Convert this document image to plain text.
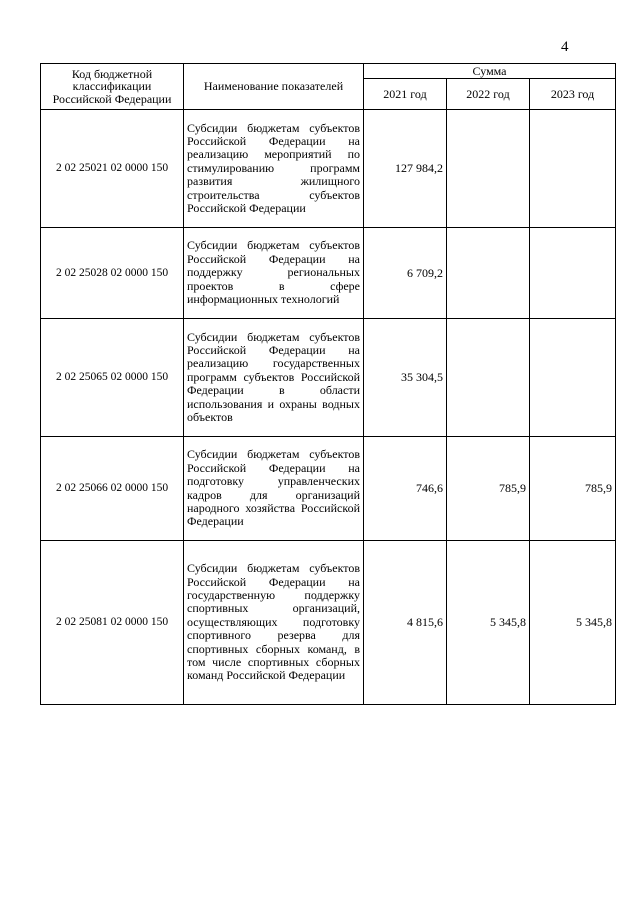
4
Код бюджетной классификации Российской Федерации	Наименование показателей	Сумма		
		2021 год	2022 год	2023 год
2 02 25021 02 0000 150	Субсидии бюджетам субъектов Российской Федерации на реализацию мероприятий по стимулированию программ развития жилищного строительства субъектов Российской Федерации	127 984,2		
2 02 25028 02 0000 150	Субсидии бюджетам субъектов Российской Федерации на поддержку региональных проектов в сфере информационных технологий	6 709,2		
2 02 25065 02 0000 150	Субсидии бюджетам субъектов Российской Федерации на реализацию государственных программ субъектов Российской Федерации в области использования и охраны водных объектов	35 304,5		
2 02 25066 02 0000 150	Субсидии бюджетам субъектов Российской Федерации на подготовку управленческих кадров для организаций народного хозяйства Российской Федерации	746,6	785,9	785,9
2 02 25081 02 0000 150	Субсидии бюджетам субъектов Российской Федерации на государственную поддержку спортивных организаций, осуществляющих подготовку спортивного резерва для спортивных сборных команд, в том числе спортивных сборных команд Российской Федерации	4 815,6	5 345,8	5 345,8
